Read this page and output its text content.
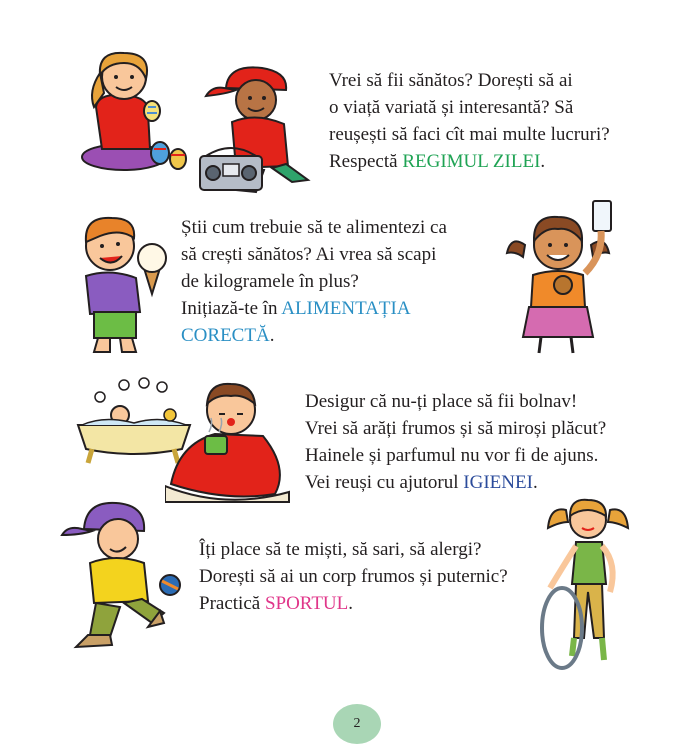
Vrei să fii sănătos? Dorești să ai

o viață variată și interesantă? Să

reușești să faci cît mai multe lucruri?

Respectă REGIMUL ZILEI.

Știi cum trebuie să te alimentezi ca

să crești sănătos? Ai vrea să scapi

de kilogramele în plus?

Inițiază-te în ALIMENTAȚIA

CORECTĂ.

Desigur că nu-ți place să fii bolnav!

Vrei să arăți frumos și să miroși plăcut?

Hainele și parfumul nu vor fi de ajuns.

Vei reuși cu ajutorul IGIENEI.

Îți place să te miști, să sari, să alergi?

Dorești să ai un corp frumos și puternic?

Practică SPORTUL.

2
